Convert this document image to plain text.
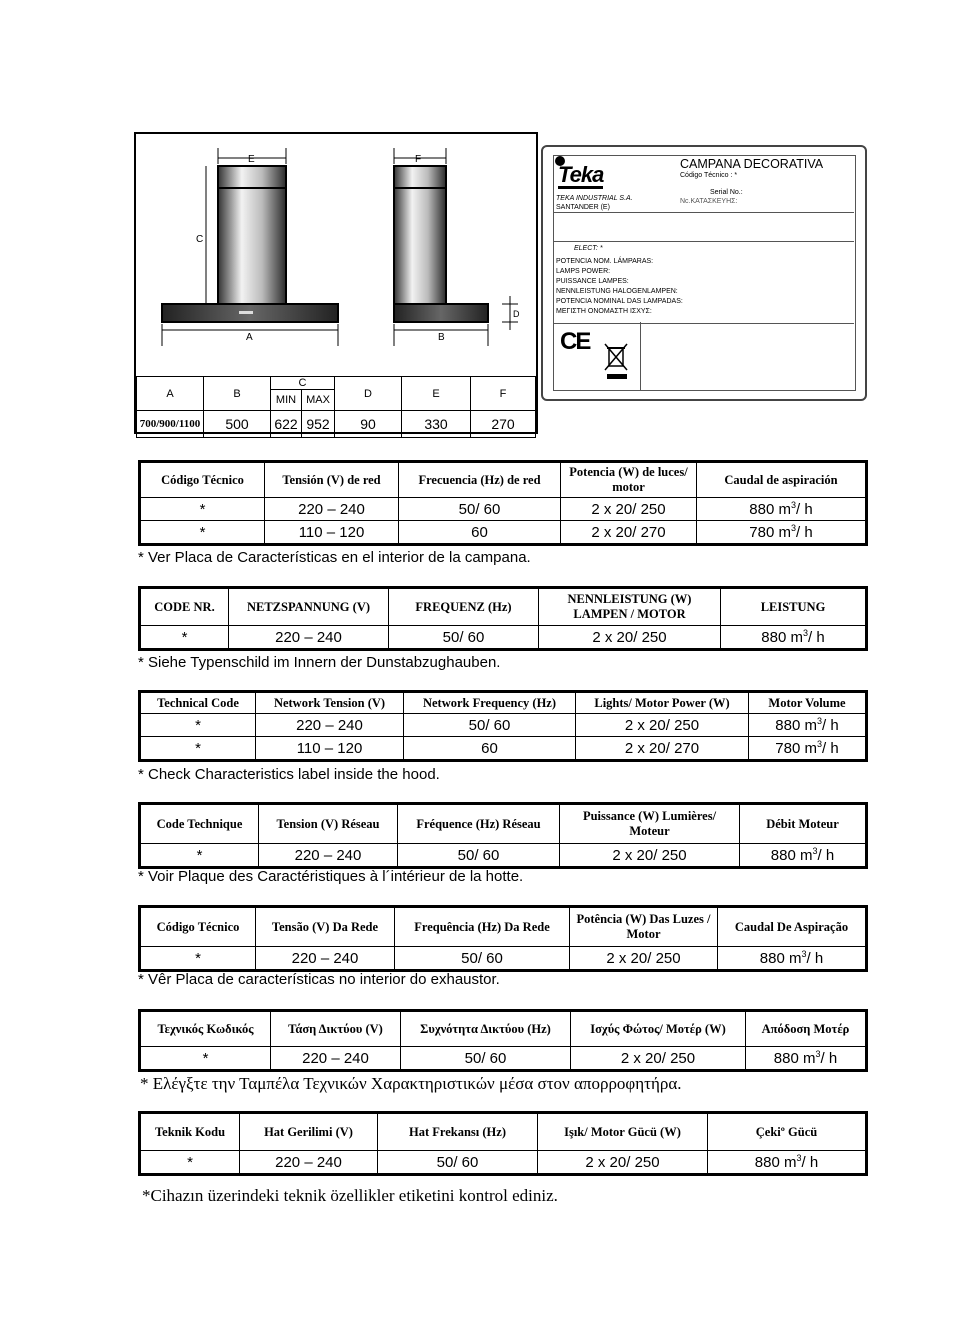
E
C
A
F
B
D
A	B	C		D	E	F
		MIN	MAX			
700/900/1100	500	622	952	90	330	270
Teka	CAMPANA DECORATIVA
Código Técnico : *
Serial No.:
Nc.ΚΑΤΑΣΚΕΥΗΣ:
TEKA INDUSTRIAL S.A.
SANTANDER (E)
ELECT: *
POTENCIA NOM. LÁMPARAS:
LAMPS POWER:
PUISSANCE LAMPES:
NENNLEISTUNG HALOGENLAMPEN:
POTENCIA NOMINAL DAS LAMPADAS:
ΜΕΓΙΣΤΗ ΟΝΟΜΑΣΤΗ ΙΣΧΥΣ:
CE
Código Técnico	Tensión (V) de red	Frecuencia (Hz) de red	Potencia (W) de luces/ motor	Caudal de aspiración
*	220 – 240	50/ 60	2 x 20/ 250	880 $m^3/$ h
*	110 – 120	60	2 x 20/ 270	780 $m^3/$ h
* Ver Placa de Características en el interior de la campana.
CODE NR.	NETZSPANNUNG (V)	FREQUENZ (Hz)	NENNLEISTUNG (W) LAMPEN / MOTOR	LEISTUNG
*	220 – 240	50/ 60	2 x 20/ 250	880 $m^3/$ h
* Siehe Typenschild im Innern der Dunstabzughauben.
Technical Code	Network Tension (V)	Network Frequency (Hz)	Lights/ Motor Power (W)	Motor Volume
*	220 – 240	50/ 60	2 x 20/ 250	880 $m^3/$ h
*	110 – 120	60	2 x 20/ 270	780 $m^3/$ h
* Check Characteristics label inside the hood.
Code Technique	Tension (V) Réseau	Fréquence (Hz) Réseau	Puissance (W) Lumières/ Moteur	Débit Moteur
*	220 – 240	50/ 60	2 x 20/ 250	880 $m^3/$ h
* Voir Plaque des Caractéristiques à l´intérieur de la hotte.
Código Técnico	Tensão (V) Da Rede	Frequência (Hz) Da Rede	Potência (W) Das Luzes / Motor	Caudal De Aspiração
*	220 – 240	50/ 60	2 x 20/ 250	880 $m^3/$ h
* Vêr Placa de características no interior do exhaustor.
Τεχνικός Κωδικός	Τάση Δικτύου (V)	Συχνότητα Δικτύου (Hz)	Ισχύς Φώτος/ Μοτέρ (W)	Απόδοση Μοτέρ
*	220 – 240	50/ 60	2 x 20/ 250	880 $m^3/$ h
* Ελέγξτε την Ταμπέλα Τεχνικών Χαρακτηριστικών μέσα στον απορροφητήρα.
Teknik Kodu	Hat Gerilimi (V)	Hat Frekansı (Hz)	Işık/ Motor Gücü (W)	Çekiº Gücü
*	220 – 240	50/ 60	2 x 20/ 250	880 $m^3/$ h
*Cihazın üzerindeki teknik özellikler etiketini kontrol ediniz.
